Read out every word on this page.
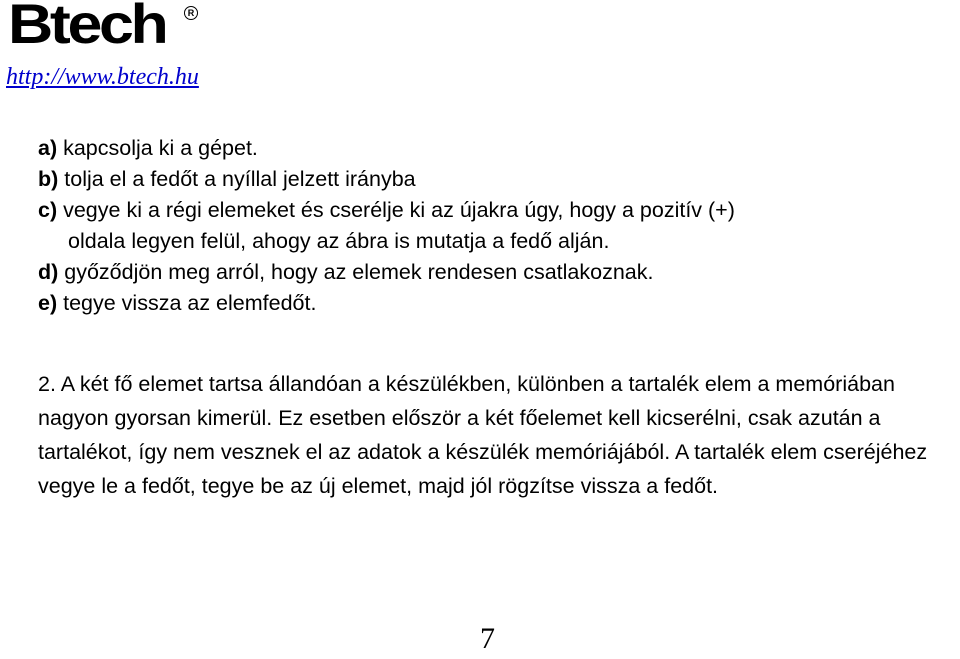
Btech	R
http://www.btech.hu

a) kapcsolja ki a gépet.

b) tolja el a fedőt a nyíllal jelzett irányba

c) vegye ki a régi elemeket és cserélje ki az újakra úgy, hogy a pozitív (+)
oldala legyen felül, ahogy az ábra is mutatja a fedő alján.

d) győződjön meg arról, hogy az elemek rendesen csatlakoznak.

e) tegye vissza az elemfedőt.

2. A két fő elemet tartsa állandóan a készülékben, különben a tartalék elem a memóriában nagyon gyorsan kimerül. Ez esetben először a két főelemet kell kicserélni, csak azután a tartalékot, így nem vesznek el az adatok a készülék memóriájából. A tartalék elem cseréjéhez vegye le a fedőt, tegye be az új elemet, majd jól rögzítse vissza a fedőt.

7
